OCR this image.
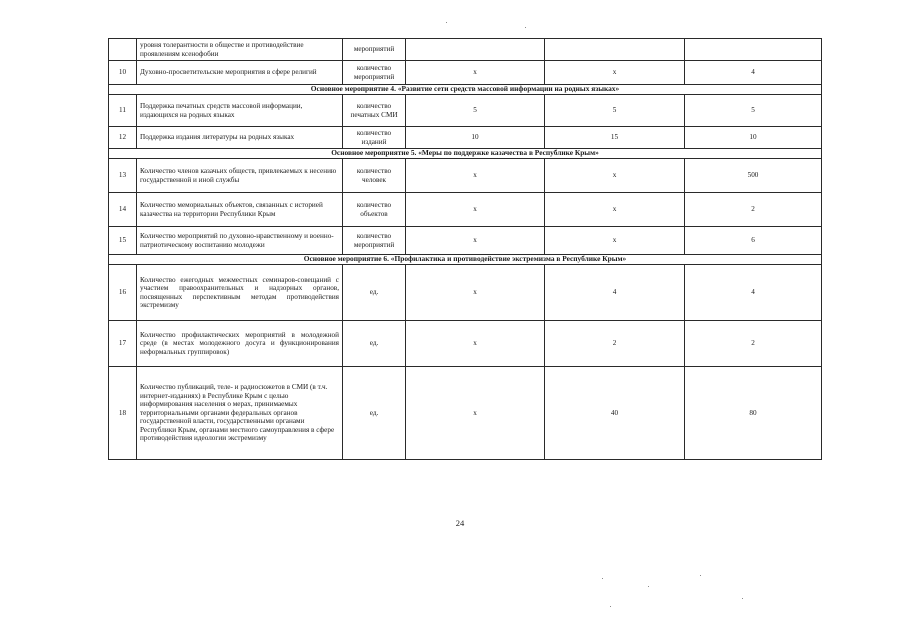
	уровня толерантности в обществе и противодействие проявлениям ксенофобии	мероприятий			
10	Духовно-просветительские мероприятия в сфере религий	количество мероприятий	x	x	4
Основное мероприятие 4. «Развитие сети средств массовой информации на родных языках»					
11	Поддержка печатных средств массовой информации, издающихся на родных языках	количество печатных СМИ	5	5	5
12	Поддержка издания литературы на родных языках	количество изданий	10	15	10
Основное мероприятие 5. «Меры по поддержке казачества в Республике Крым»					
13	Количество членов казачьих обществ, привлекаемых к несению государственной и иной службы	количество человек	x	x	500
14	Количество мемориальных объектов, связанных с историей казачества на территории Республики Крым	количество объектов	x	x	2
15	Количество мероприятий по духовно-нравственному и военно-патриотическому воспитанию молодежи	количество мероприятий	x	x	6
Основное мероприятие 6. «Профилактика и противодействие экстремизма в Республике Крым»					
16	Количество ежегодных межместных семинаров-совещаний с участием правоохранительных и надзорных органов, посвященных перспективным методам противодействия экстремизму	ед.	x	4	4
17	Количество профилактических мероприятий в молодежной среде (в местах молодежного досуга и функционирования неформальных группировок)	ед.	x	2	2
18	Количество публикаций, теле- и радиосюжетов в СМИ (в т.ч. интернет-изданиях) в Республике Крым с целью информирования населения о мерах, принимаемых территориальными органами федеральных органов государственной власти, государственными органами Республики Крым, органами местного самоуправления в сфере противодействия идеологии экстремизму	ед.	x	40	80
24
